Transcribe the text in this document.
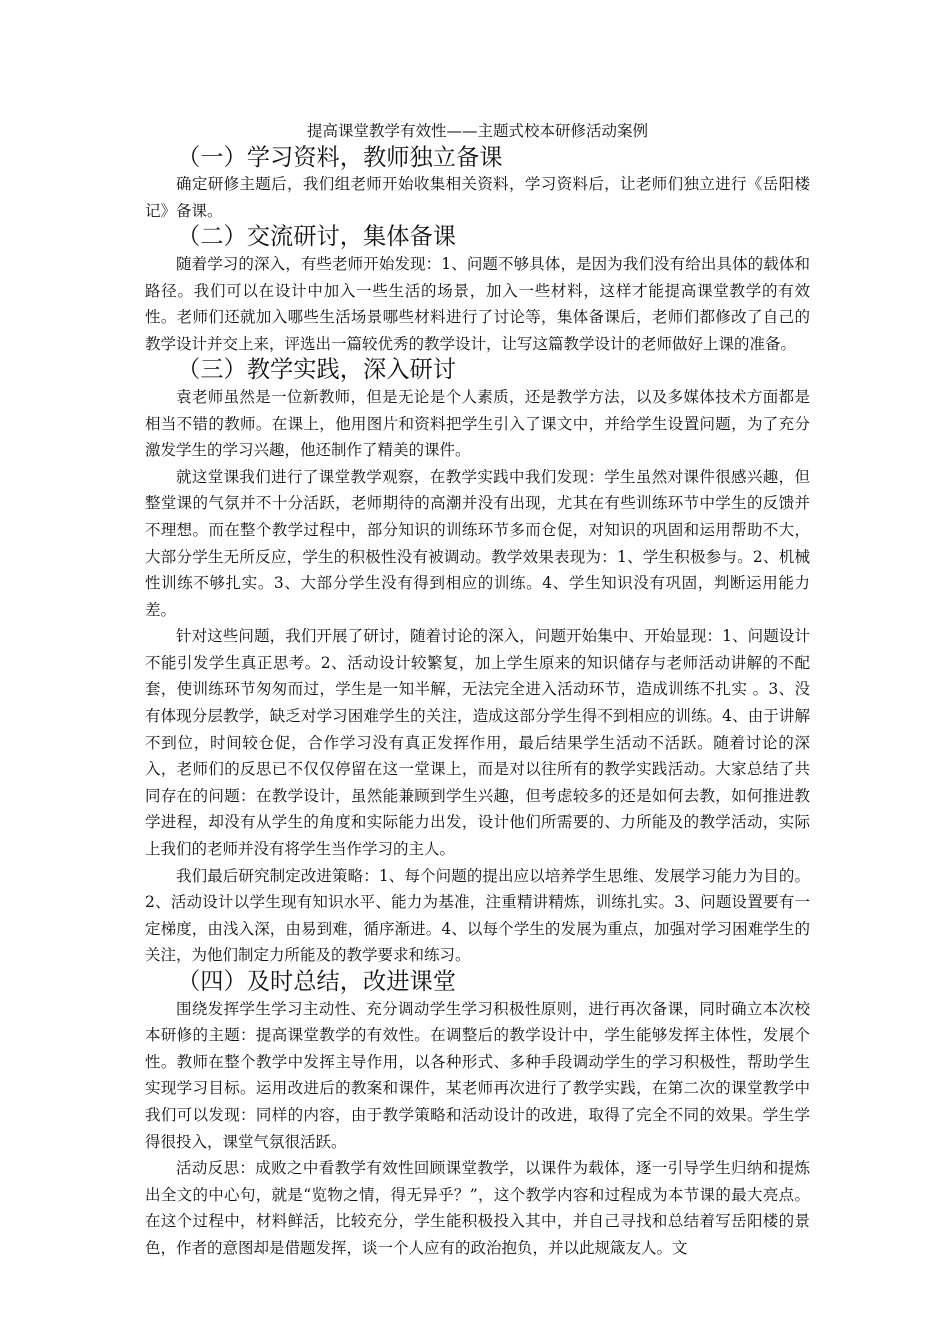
提高课堂教学有效性——主题式校本研修活动案例
（一）学习资料，教师独立备课

确定研修主题后，我们组老师开始收集相关资料，学习资料后，让老师们独立进行《岳阳楼记》备课。

（二）交流研讨，集体备课

随着学习的深入，有些老师开始发现：1、问题不够具体，是因为我们没有给出具体的载体和路径。我们可以在设计中加入一些生活的场景，加入一些材料，这样才能提高课堂教学的有效性。老师们还就加入哪些生活场景哪些材料进行了讨论等，集体备课后，老师们都修改了自己的教学设计并交上来，评选出一篇较优秀的教学设计，让写这篇教学设计的老师做好上课的准备。

（三）教学实践，深入研讨

袁老师虽然是一位新教师，但是无论是个人素质，还是教学方法，以及多媒体技术方面都是相当不错的教师。在课上，他用图片和资料把学生引入了课文中，并给学生设置问题，为了充分激发学生的学习兴趣，他还制作了精美的课件。

就这堂课我们进行了课堂教学观察，在教学实践中我们发现：学生虽然对课件很感兴趣，但整堂课的气氛并不十分活跃，老师期待的高潮并没有出现，尤其在有些训练环节中学生的反馈并不理想。而在整个教学过程中，部分知识的训练环节多而仓促，对知识的巩固和运用帮助不大，大部分学生无所反应，学生的积极性没有被调动。教学效果表现为：1、学生积极参与。2、机械性训练不够扎实。3、大部分学生没有得到相应的训练。4、学生知识没有巩固，判断运用能力差。

针对这些问题，我们开展了研讨，随着讨论的深入，问题开始集中、开始显现：1、问题设计不能引发学生真正思考。2、活动设计较繁复，加上学生原来的知识储存与老师活动讲解的不配套，使训练环节匆匆而过，学生是一知半解，无法完全进入活动环节，造成训练不扎实 。3、没有体现分层教学，缺乏对学习困难学生的关注，造成这部分学生得不到相应的训练。4、由于讲解不到位，时间较仓促，合作学习没有真正发挥作用，最后结果学生活动不活跃。随着讨论的深入，老师们的反思已不仅仅停留在这一堂课上，而是对以往所有的教学实践活动。大家总结了共同存在的问题：在教学设计，虽然能兼顾到学生兴趣，但考虑较多的还是如何去教，如何推进教学进程，却没有从学生的角度和实际能力出发，设计他们所需要的、力所能及的教学活动，实际上我们的老师并没有将学生当作学习的主人。

我们最后研究制定改进策略：1、每个问题的提出应以培养学生思维、发展学习能力为目的。2、活动设计以学生现有知识水平、能力为基准，注重精讲精炼，训练扎实。3、问题设置要有一定梯度，由浅入深，由易到难，循序渐进。4、以每个学生的发展为重点，加强对学习困难学生的关注，为他们制定力所能及的教学要求和练习。

（四）及时总结，改进课堂

围绕发挥学生学习主动性、充分调动学生学习积极性原则，进行再次备课，同时确立本次校本研修的主题：提高课堂教学的有效性。在调整后的教学设计中，学生能够发挥主体性，发展个性。教师在整个教学中发挥主导作用，以各种形式、多种手段调动学生的学习积极性，帮助学生实现学习目标。运用改进后的教案和课件，某老师再次进行了教学实践，在第二次的课堂教学中我们可以发现：同样的内容，由于教学策略和活动设计的改进，取得了完全不同的效果。学生学得很投入，课堂气氛很活跃。

活动反思：成败之中看教学有效性回顾课堂教学，以课件为载体，逐一引导学生归纳和提炼出全文的中心句，就是“览物之情，得无异乎？”，这个教学内容和过程成为本节课的最大亮点。在这个过程中，材料鲜活，比较充分，学生能积极投入其中，并自己寻找和总结着写岳阳楼的景色，作者的意图却是借题发挥，谈一个人应有的政治抱负，并以此规箴友人。文
